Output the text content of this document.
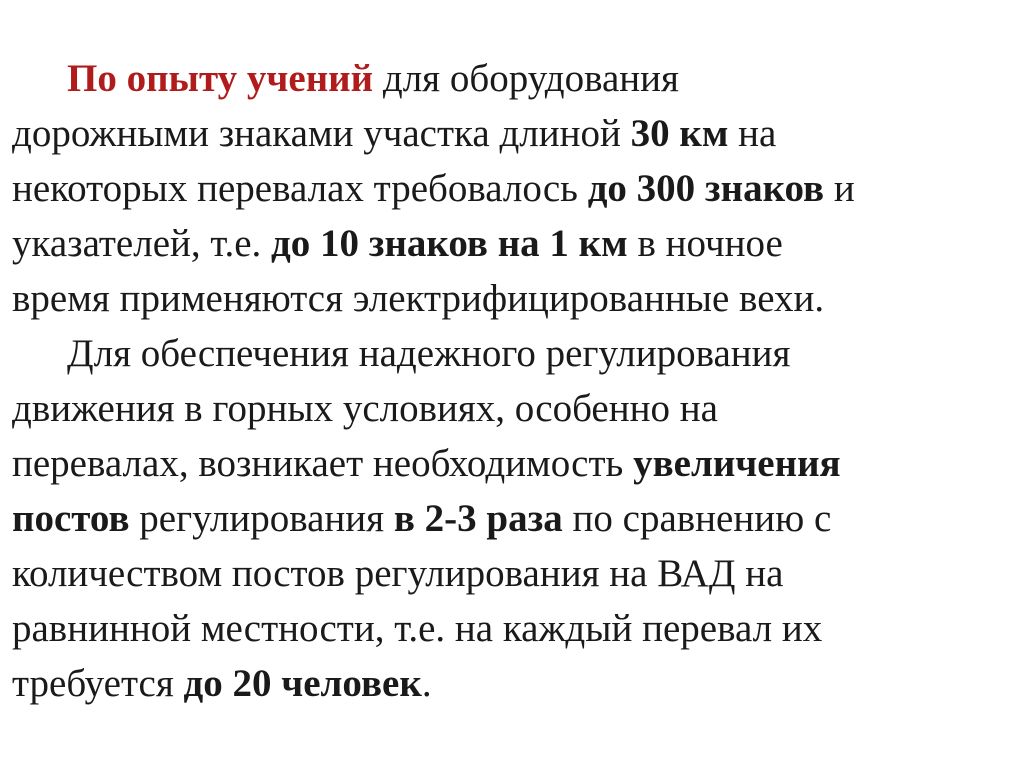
По опыту учений для оборудования
дорожными знаками участка длиной 30 км на
некоторых перевалах требовалось до 300 знаков и
указателей, т.е. до 10 знаков на 1 км в ночное
время применяются электрифицированные вехи.
Для обеспечения надежного регулирования
движения в горных условиях, особенно на
перевалах, возникает необходимость увеличения
постов регулирования в 2-3 раза по сравнению с
количеством постов регулирования на ВАД на
равнинной местности, т.е. на каждый перевал их
требуется до 20 человек.
